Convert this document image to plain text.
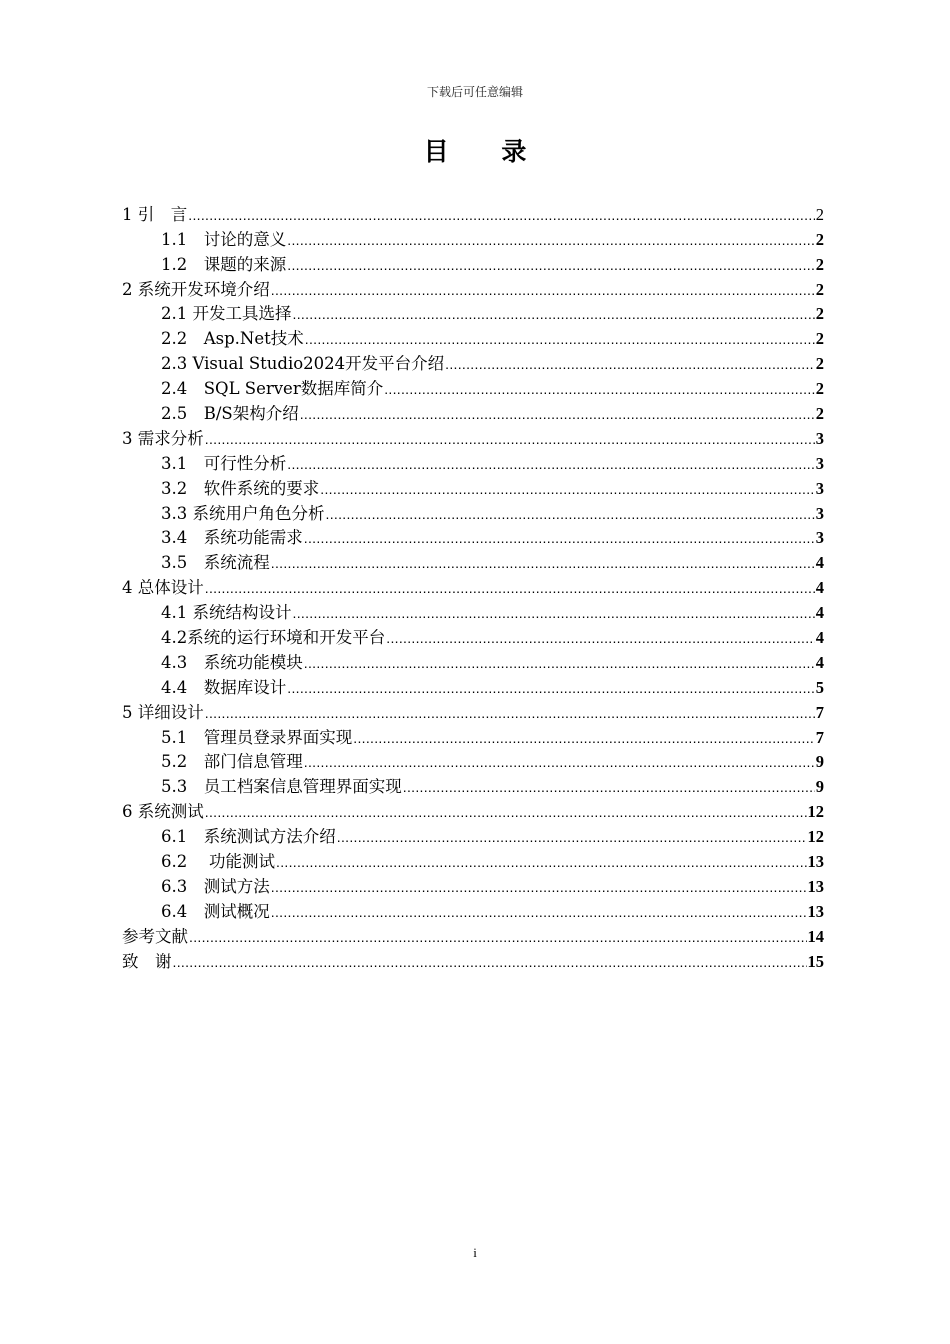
下载后可任意编辑
目 录
1 引　言 .....	2
1.1　讨论的意义 .....	2
1.2　课题的来源 .....	2
2 系统开发环境介绍 .....	2
2.1 开发工具选择 .....	2
2.2　Asp.Net技术 .....	2
2.3 Visual Studio2024开发平台介绍 .....	2
2.4　SQL Server数据库简介 .....	2
2.5　B/S架构介绍 .....	2
3 需求分析 .....	3
3.1　可行性分析 .....	3
3.2　软件系统的要求 .....	3
3.3 系统用户角色分析 .....	3
3.4　系统功能需求 .....	3
3.5　系统流程 .....	4
4 总体设计 .....	4
4.1 系统结构设计 .....	4
4.2系统的运行环境和开发平台 .....	4
4.3　系统功能模块 .....	4
4.4　数据库设计 .....	5
5 详细设计 .....	7
5.1　管理员登录界面实现 .....	7
5.2　部门信息管理 .....	9
5.3　员工档案信息管理界面实现 .....	9
6 系统测试 .....	12
6.1　系统测试方法介绍 .....	12
6.2　 功能测试 .....	13
6.3　测试方法 .....	13
6.4　测试概况 .....	13
参考文献 .....	14
致　谢 .....	15
i
